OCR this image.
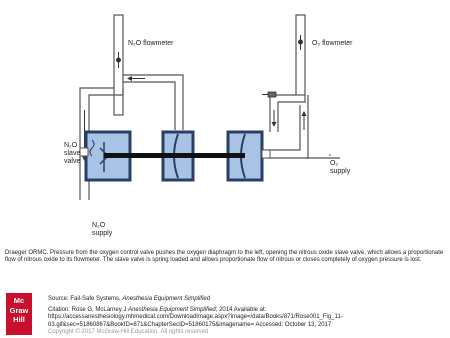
N₂O flowmeter	O₂ flowmeter
N₂O
slave
valve
N₂O
supply
O₂
supply

Draeger ORMC. Pressure from the oxygen control valve pushes the oxygen diaphragm to the left, opening the nitrous oxide slave valve, which allows a proportionate flow of nitrous oxide to its flowmeter. The slave valve is spring loaded and allows proportionate flow of nitrous or closes completely of oxygen pressure is lost.

Mc
Graw
Hill
Source: Fail-Safe Systems, Anesthesia Equipment Simplified
Citation: Rose G, McLarney J Anesthesia Equipment Simplified; 2014 Available at: https://accessanesthesiology.mhmedical.com/DownloadImage.aspx?image=/data/Books/871/Rose001_Fig_11-03.gif&sec=51860867&BookID=871&ChapterSecID=51860175&imagename= Accessed: October 13, 2017
Copyright © 2017 McGraw-Hill Education. All rights reserved
